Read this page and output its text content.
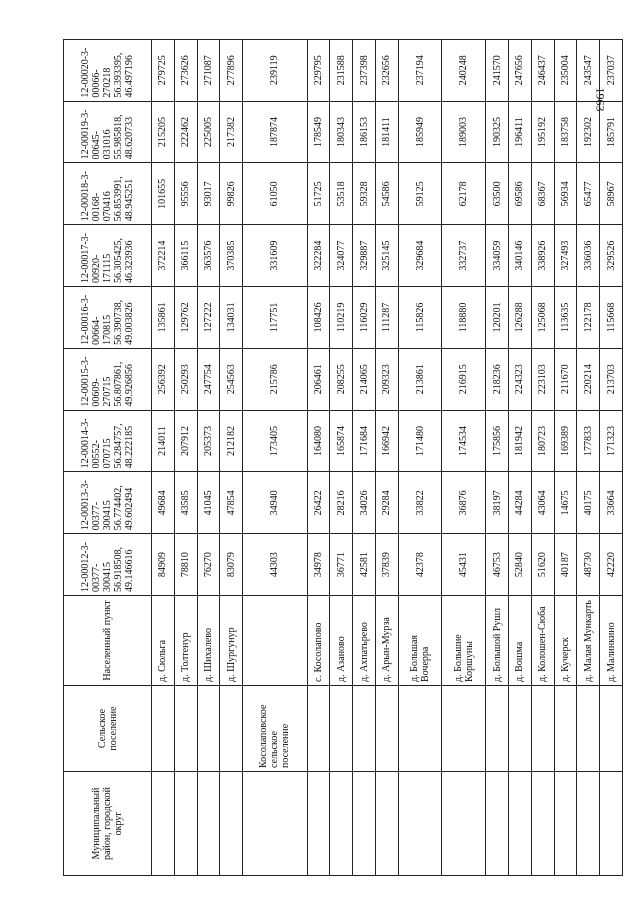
1963
Муниципальный район, городской округ	Сельское поселение	Населенный пункт	12-00012-3-00377-300415 56.918508, 49.146616	12-00013-3-00377-300415 56.774402, 49.602494	12-00014-3-00552-070715 56.284757, 48.222185	12-00015-3-00609-270715 56.807861, 49.926856	12-00016-3-00664-170815 56.390738, 49.003826	12-00017-3-00920-171115 56.305425, 46.323936	12-00018-3-00168-070416 56.853991, 48.945251	12-00019-3-00645-031016 55.985818, 48.620733	12-00020-3-00066-270218 56.393395, 46.497196

		д. Сюльга	84909	49684	214011	256392	135861	372214	101655	215205	279725
		д. Толтенур	78810	43585	207912	250293	129762	366115	95556	222462	273626
		д. Шихалево	76270	41045	205373	247754	127222	363576	93017	225005	271087
		д. Шургунур	83079	47854	212182	254563	134031	370385	99826	217382	277896
	Косолаповское сельское поселение		44303	34940	173405	215786	117751	331609	61050	187874	239119
		с. Косолапово	34978	26422	164080	206461	108426	322284	51725	178549	229795
		д. Азаново	36771	28216	165874	208255	110219	324077	53518	180343	231588
		д. Ахпатьрево	42581	34026	171684	214065	116029	329887	59328	186153	237398
		д. Арын-Мурза	37839	29284	166942	209323	111287	325145	54586	181411	232656
		д. Большая Вочерра	42378	33822	171480	213861	115826	329684	59125	185949	237194
		д. Большие Коршуны	45431	36876	174534	216915	118880	332737	62178	189003	240248
		д. Большой Рушл	46753	38197	175856	218236	120201	334059	63500	190325	241570
		д. Вошма	52840	44284	181942	224323	126288	340146	69586	196411	247656
		д. Колошен-Сюба	51620	43064	180723	223103	125068	338926	68367	195192	246437
		д. Кучерск	40187	14675	169389	211670	113635	327493	56934	183758	235004
		д. Малая Мункарть	48730	40175	177833	220214	122178	336036	65477	192302	243547
		д. Малинкино	42220	33664	171323	213703	115668	329526	58967	185791	237037
